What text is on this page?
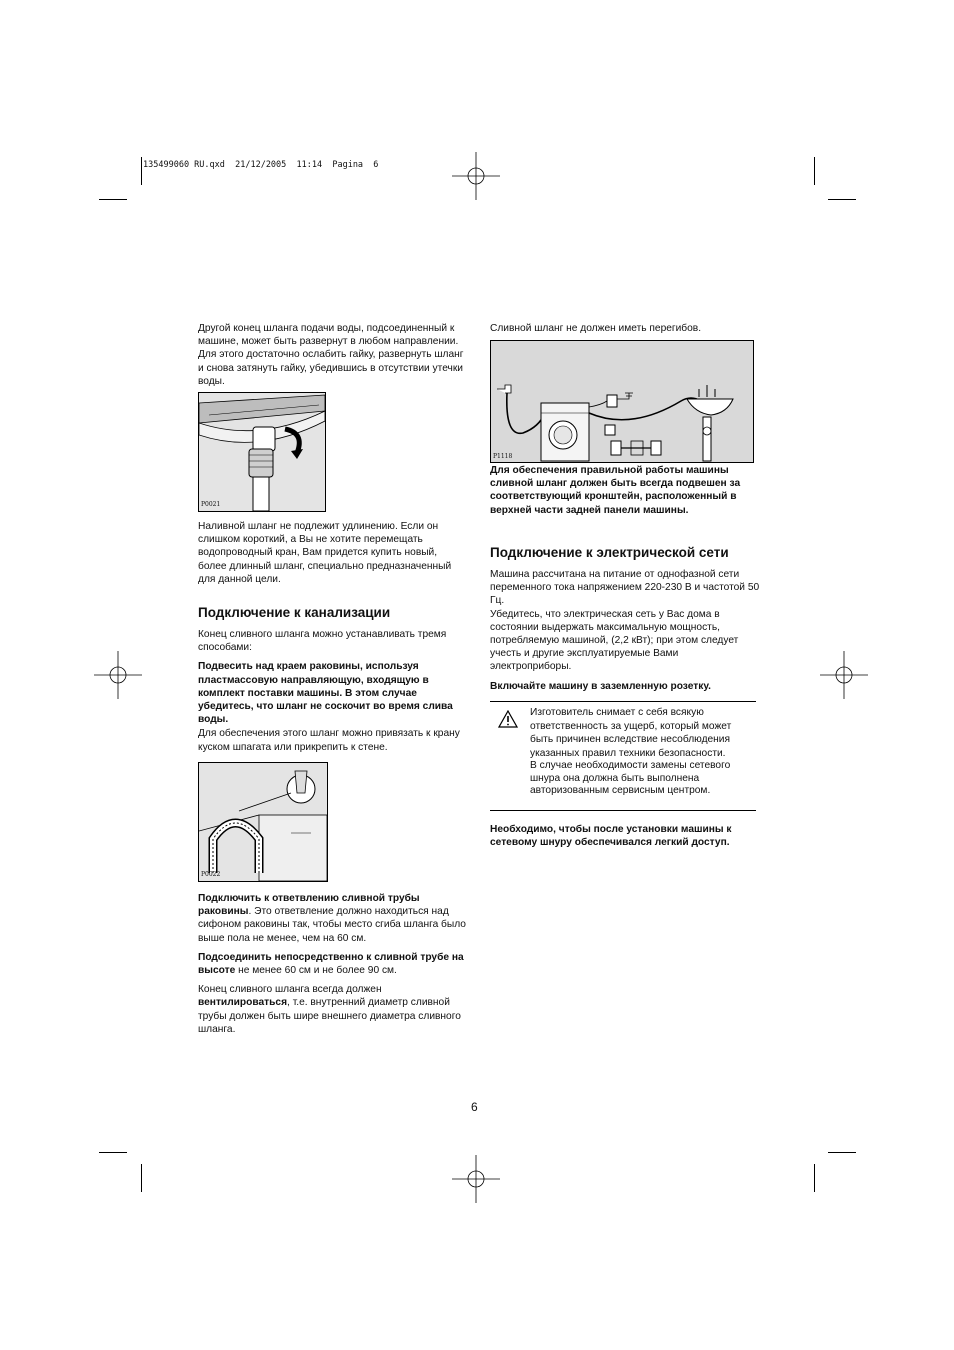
135499060 RU.qxd  21/12/2005  11:14  Pagina  6

Другой конец шланга подачи воды, подсоединенный к машине, может быть развернут в любом направлении. Для этого достаточно ослабить гайку, развернуть шланг и снова затянуть гайку, убедившись в отсутствии утечки воды.

P0021

Наливной шланг не подлежит удлинению. Если он слишком короткий, а Вы не хотите перемещать водопроводный кран, Вам придется купить новый, более длинный шланг, специально предназначенный для данной цели.

Подключение к канализации

Конец сливного шланга можно устанавливать тремя способами:

Подвесить над краем раковины, используя пластмассовую направляющую, входящую в комплект поставки машины. В этом случае убедитесь, что шланг не соскочит во время слива воды.

Для обеспечения этого шланг можно привязать к крану куском шпагата или прикрепить к стене.

P0022

Подключить к ответвлению сливной трубы раковины. Это ответвление должно находиться над сифоном раковины так, чтобы место сгиба шланга было выше пола не менее, чем на 60 см.

Подсоединить непосредственно к сливной трубе на высоте не менее 60 см и не более 90 см.

Конец сливного шланга всегда должен вентилироваться, т.е. внутренний диаметр сливной трубы должен быть шире внешнего диаметра сливного шланга.

Сливной шланг не должен иметь перегибов.

P1118

Для обеспечения правильной работы машины сливной шланг должен быть всегда подвешен за соответствующий кронштейн, расположенный в верхней части задней панели машины.

Подключение к электрической сети

Машина рассчитана на питание от однофазной сети переменного тока напряжением 220-230 В и частотой 50 Гц.

Убедитесь, что электрическая сеть у Вас дома в состоянии выдержать максимальную мощность, потребляемую машиной, (2,2 кВт); при этом следует учесть и другие эксплуатируемые Вами электроприборы.

Включайте машину в заземленную розетку.

Изготовитель снимает с себя всякую ответственность за ущерб, который может быть причинен вследствие несоблюдения указанных правил техники безопасности.

В случае необходимости замены сетевого шнура она должна быть выполнена авторизованным сервисным центром.

Необходимо, чтобы после установки машины к сетевому шнуру обеспечивался легкий доступ.

6
